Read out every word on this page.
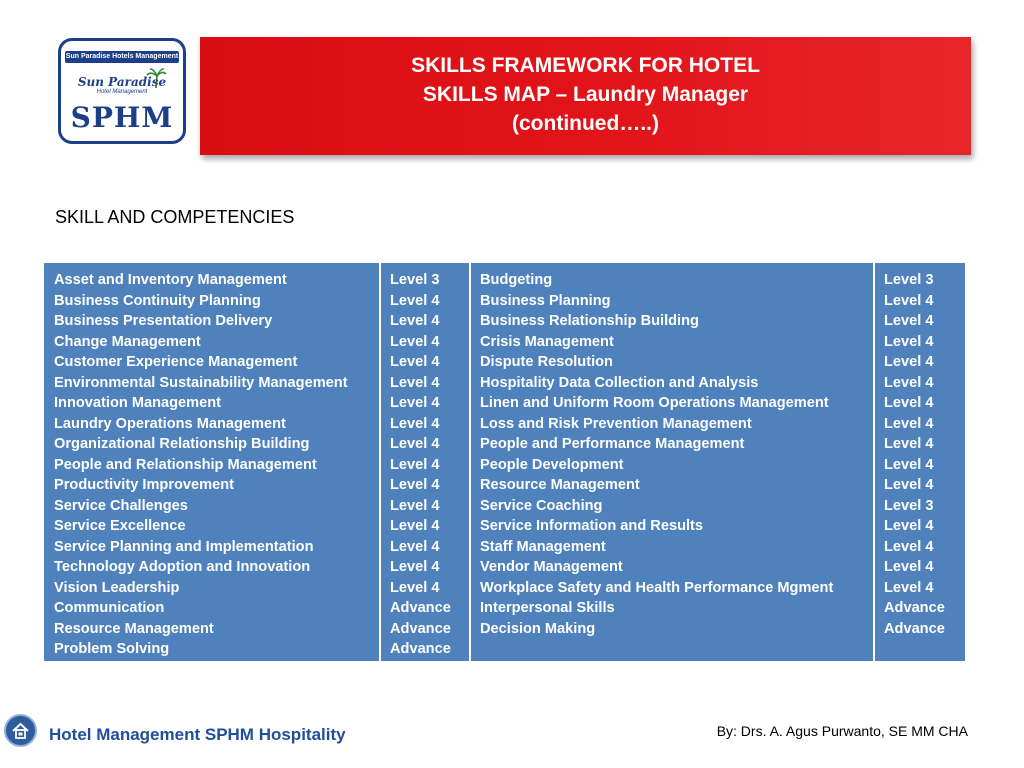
Sun Paradise Hotels Management
Sun Paradise
Hotel Management
SPHM
SKILLS FRAMEWORK FOR HOTEL
SKILLS MAP – Laundry Manager
(continued…..)
SKILL AND COMPETENCIES
Asset and Inventory Management
Business Continuity Planning
Business Presentation Delivery
Change Management
Customer Experience Management
Environmental Sustainability Management
Innovation Management
Laundry Operations Management
Organizational Relationship Building
People and Relationship Management
Productivity Improvement
Service Challenges
Service Excellence
Service Planning and Implementation
Technology Adoption and Innovation
Vision Leadership
Communication
Resource Management
Problem Solving
Level 3
Level 4
Level 4
Level 4
Level 4
Level 4
Level 4
Level 4
Level 4
Level 4
Level 4
Level 4
Level 4
Level 4
Level 4
Level 4
Advance
Advance
Advance
Budgeting
Business Planning
Business Relationship Building
Crisis Management
Dispute Resolution
Hospitality Data Collection and Analysis
Linen and Uniform Room Operations Management
Loss and Risk Prevention Management
People and Performance Management
People Development
Resource Management
Service Coaching
Service Information and Results
Staff Management
Vendor Management
Workplace Safety and Health Performance Mgment
Interpersonal Skills
Decision Making
Level 3
Level 4
Level 4
Level 4
Level 4
Level 4
Level 4
Level 4
Level 4
Level 4
Level 4
Level 3
Level 4
Level 4
Level 4
Level 4
Advance
Advance
Hotel Management SPHM Hospitality	By: Drs. A. Agus Purwanto, SE MM CHA
